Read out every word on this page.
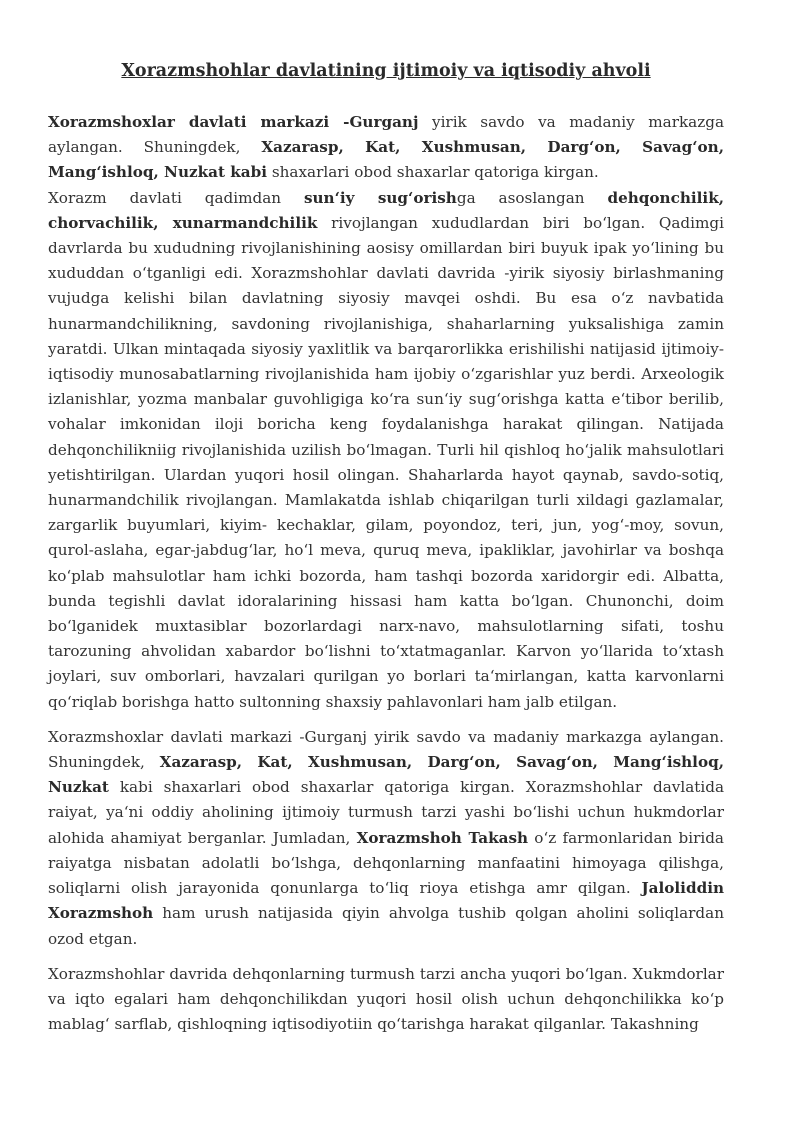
Xorazmshohlar davlatining ijtimoiy va iqtisodiy ahvoli

Xorazmshoxlar davlati markazi -Gurganj yirik savdo va madaniy markazga aylangan. Shuningdek, Xazarasp, Kat, Xushmusan, Darg‘on, Savag‘on, Mang‘ishloq, Nuzkat kabi shaxarlari obod shaxarlar qatoriga kirgan.

Xorazm davlati qadimdan sun‘iy sug‘orishga asoslangan dehqonchilik, chorvachilik, xunarmandchilik rivojlangan xududlardan biri bo‘lgan. Qadimgi davrlarda bu xududning rivojlanishining aosisy omillardan biri buyuk ipak yo‘lining bu xududdan o‘tganligi edi. Xorazmshohlar davlati davrida -yirik siyosiy birlashmaning vujudga kelishi bilan davlatning siyosiy mavqei oshdi. Bu esa o‘z navbatida hunarmandchilikning, savdoning rivojlanishiga, shaharlarning yuksalishiga zamin yaratdi. Ulkan mintaqada siyosiy yaxlitlik va barqarorlikka erishilishi natijasid ijtimoiy-iqtisodiy munosabatlarning rivojlanishida ham ijobiy o‘zgarishlar yuz berdi. Arxeologik izlanishlar, yozma manbalar guvohligiga ko‘ra sun‘iy sug‘orishga katta e‘tibor berilib, vohalar imkonidan iloji boricha keng foydalanishga harakat qilingan. Natijada dehqonchilikniig rivojlanishida uzilish bo‘lmagan. Turli hil qishloq ho‘jalik mahsulotlari yetishtirilgan. Ulardan yuqori hosil olingan. Shaharlarda hayot qaynab, savdo-sotiq, hunarmandchilik rivojlangan. Mamlakatda ishlab chiqarilgan turli xildagi gazlamalar, zargarlik buyumlari, kiyim- kechaklar, gilam, poyondoz, teri, jun, yog‘-moy, sovun, qurol-aslaha, egar-jabdug‘lar, ho‘l meva, quruq meva, ipakliklar, javohirlar va boshqa ko‘plab mahsulotlar ham ichki bozorda, ham tashqi bozorda xaridorgir edi. Albatta, bunda tegishli davlat idoralarining hissasi ham katta bo‘lgan. Chunonchi, doim bo‘lganidek muxtasiblar bozorlardagi narx-navo, mahsulotlarning sifati, toshu tarozuning ahvolidan xabardor bo‘lishni to‘xtatmaganlar. Karvon yo‘llarida to‘xtash joylari, suv omborlari, havzalari qurilgan yo borlari ta‘mirlangan, katta karvonlarni qo‘riqlab borishga hatto sultonning shaxsiy pahlavonlari ham jalb etilgan.

Xorazmshoxlar davlati markazi -Gurganj yirik savdo va madaniy markazga aylangan. Shuningdek, Xazarasp, Kat, Xushmusan, Darg‘on, Savag‘on, Mang‘ishloq, Nuzkat kabi shaxarlari obod shaxarlar qatoriga kirgan. Xorazmshohlar davlatida raiyat, ya‘ni oddiy aholining ijtimoiy turmush tarzi yashi bo‘lishi uchun hukmdorlar alohida ahamiyat berganlar. Jumladan, Xorazmshoh Takash o‘z farmonlaridan birida raiyatga nisbatan adolatli bo‘lshga, dehqonlarning manfaatini himoyaga qilishga, soliqlarni olish jarayonida qonunlarga to‘liq rioya etishga amr qilgan. Jaloliddin Xorazmshoh ham urush natijasida qiyin ahvolga tushib qolgan aholini soliqlardan ozod etgan.

Xorazmshohlar davrida dehqonlarning turmush tarzi ancha yuqori bo‘lgan. Xukmdorlar va iqto egalari ham dehqonchilikdan yuqori hosil olish uchun dehqonchilikka ko‘p mablag‘ sarflab, qishloqning iqtisodiyotiin qo‘tarishga harakat qilganlar. Takashning
